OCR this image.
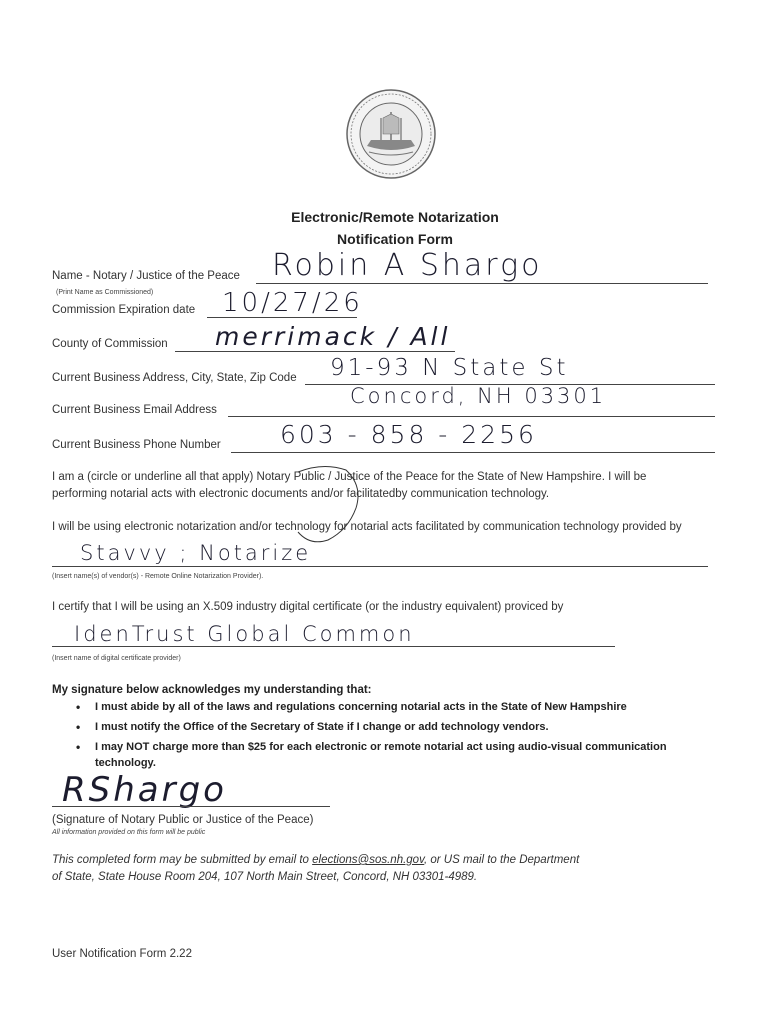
Electronic/Remote Notarization
Notification Form
Name - Notary / Justice of the Peace Robin A Shargo
(Print Name as Commissioned)
Commission Expiration date 10/27/26
County of Commission merrimack / All
Current Business Address, City, State, Zip Code 91-93 N State St
Concord, NH 03301
Current Business Email Address
Current Business Phone Number 603 - 858 - 2256
I am a (circle or underline all that apply) Notary Public / Justice of the Peace for the State of New Hampshire. I will be
performing notarial acts with electronic documents and/or facilitatedby communication technology.
I will be using electronic notarization and/or technology for notarial acts facilitated by communication technology provided by
Stavvy ; Notarize
(Insert name(s) of vendor(s) - Remote Online Notarization Provider).
I certify that I will be using an X.509 industry digital certificate (or the industry equivalent) proviced by
IdenTrust Global Common
(Insert name of digital certificate provider)
My signature below acknowledges my understanding that:
• I must abide by all of the laws and regulations concerning notarial acts in the State of New Hampshire
• I must notify the Office of the Secretary of State if I change or add technology vendors.
• I may NOT charge more than $25 for each electronic or remote notarial act using audio-visual communication
technology.
RShargo
(Signature of Notary Public or Justice of the Peace)
All information provided on this form will be public
This completed form may be submitted by email to elections@sos.nh.gov, or US mail to the Department
of State, State House Room 204, 107 North Main Street, Concord, NH 03301-4989.
User Notification Form 2.22
